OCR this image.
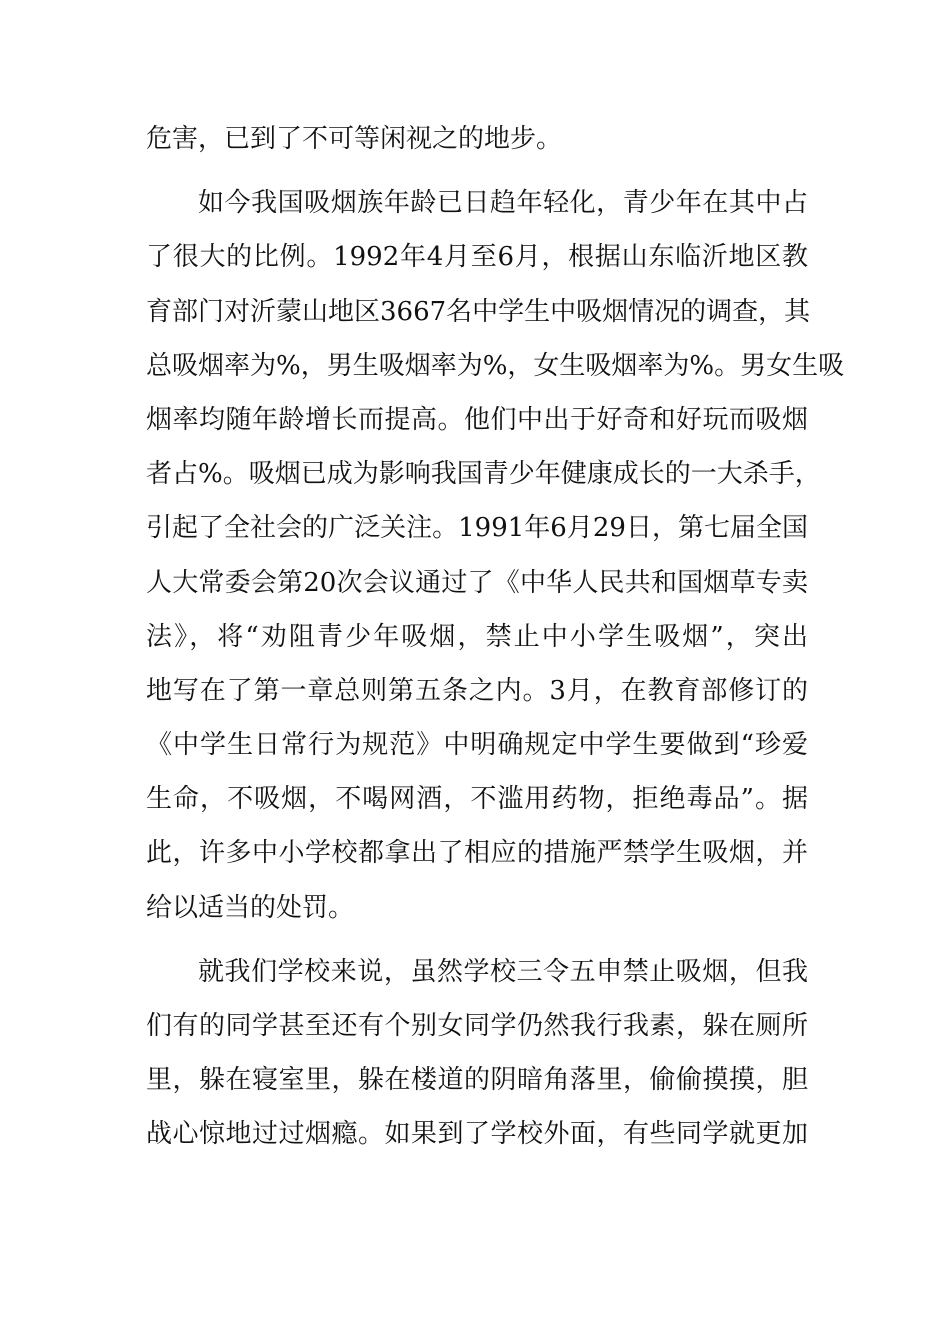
危害，已到了不可等闲视之的地步。
如今我国吸烟族年龄已日趋年轻化，青少年在其中占
了很大的比例。1992年4月至6月，根据山东临沂地区教
育部门对沂蒙山地区3667名中学生中吸烟情况的调查，其
总吸烟率为%，男生吸烟率为%，女生吸烟率为%。男女生吸
烟率均随年龄增长而提高。他们中出于好奇和好玩而吸烟
者占%。吸烟已成为影响我国青少年健康成长的一大杀手，
引起了全社会的广泛关注。1991年6月29日，第七届全国
人大常委会第20次会议通过了《中华人民共和国烟草专卖
法》，将“劝阻青少年吸烟，禁止中小学生吸烟”，突出
地写在了第一章总则第五条之内。3月，在教育部修订的
《中学生日常行为规范》中明确规定中学生要做到“珍爱
生命，不吸烟，不喝网酒，不滥用药物，拒绝毒品”。据
此，许多中小学校都拿出了相应的措施严禁学生吸烟，并
给以适当的处罚。
就我们学校来说，虽然学校三令五申禁止吸烟，但我
们有的同学甚至还有个别女同学仍然我行我素，躲在厕所
里，躲在寝室里，躲在楼道的阴暗角落里，偷偷摸摸，胆
战心惊地过过烟瘾。如果到了学校外面，有些同学就更加
